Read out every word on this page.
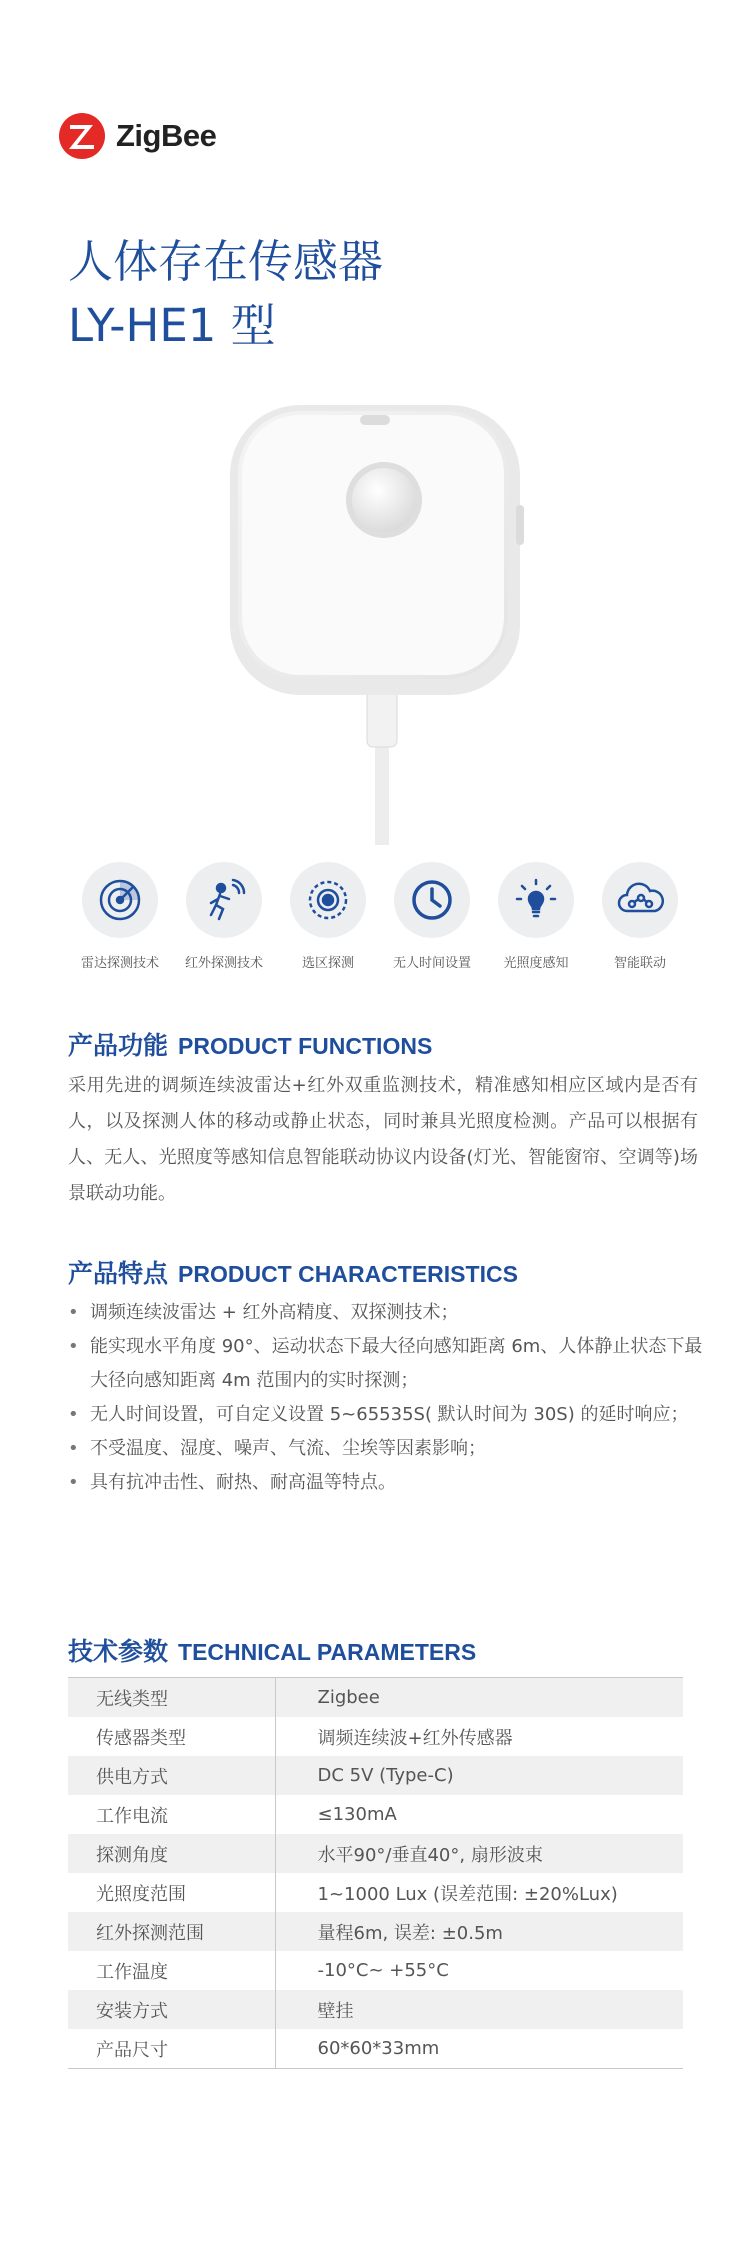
ZigBee
人体存在传感器
LY-HE1 型
雷达探测技术 红外探测技术	选区探测	无人时间设置 光照度感知	智能联动
产品功能 PRODUCT FUNCTIONS
采用先进的调频连续波雷达+红外双重监测技术，精准感知相应区域内是否有人，以及探测人体的移动或静止状态，同时兼具光照度检测。产品可以根据有人、无人、光照度等感知信息智能联动协议内设备(灯光、智能窗帘、空调等)场景联动功能。
产品特点 PRODUCT CHARACTERISTICS
• 调频连续波雷达 + 红外高精度、双探测技术；
• 能实现水平角度 90°、运动状态下最大径向感知距离 6m、人体静止状态下最大径向感知距离 4m 范围内的实时探测；
• 无人时间设置，可自定义设置 5~65535S( 默认时间为 30S) 的延时响应；
• 不受温度、湿度、噪声、气流、尘埃等因素影响；
• 具有抗冲击性、耐热、耐高温等特点。
技术参数 TECHNICAL PARAMETERS
无线类型	Zigbee
传感器类型	调频连续波+红外传感器
供电方式	DC 5V (Type-C)
工作电流	≤130mA
探测角度	水平90°/垂直40°, 扇形波束
光照度范围	1~1000 Lux (误差范围: ±20%Lux)
红外探测范围	量程6m, 误差: ±0.5m
工作温度	-10°C~ +55°C
安装方式	壁挂
产品尺寸	60*60*33mm
